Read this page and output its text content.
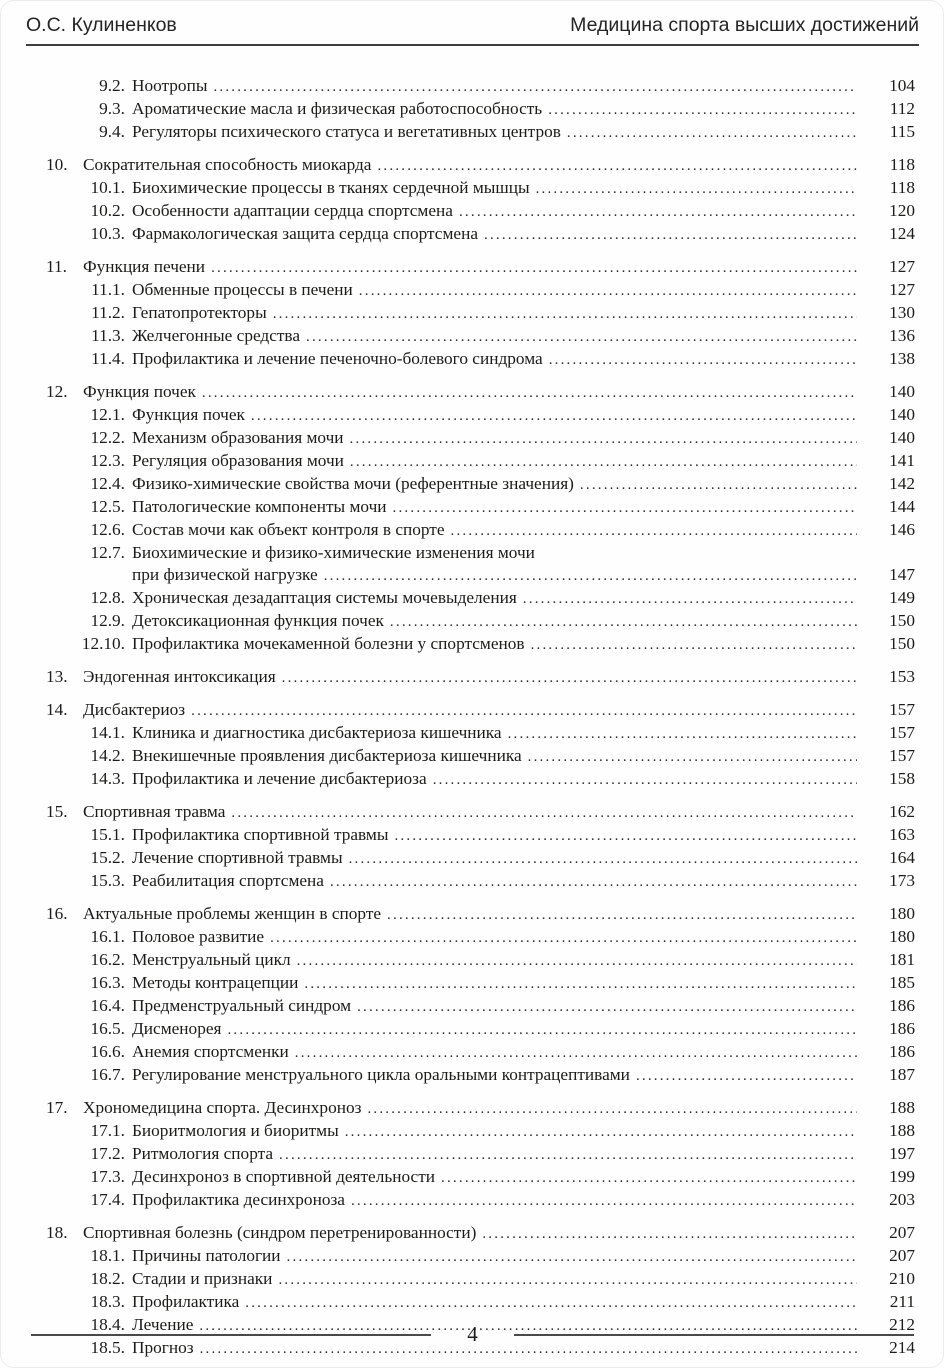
О.С. Кулиненков	Медицина спорта высших достижений
9.2. Ноотропы .....	104
9.3. Ароматические масла и физическая работоспособность .....	112
9.4. Регуляторы психического статуса и вегетативных центров .....	115
10. Сократительная способность миокарда .....	118
10.1. Биохимические процессы в тканях сердечной мышцы .....	118
10.2. Особенности адаптации сердца спортсмена .....	120
10.3. Фармакологическая защита сердца спортсмена .....	124
11. Функция печени .....	127
11.1. Обменные процессы в печени .....	127
11.2. Гепатопротекторы .....	130
11.3. Желчегонные средства .....	136
11.4. Профилактика и лечение печеночно-болевого синдрома .....	138
12. Функция почек .....	140
12.1. Функция почек .....	140
12.2. Механизм образования мочи .....	140
12.3. Регуляция образования мочи .....	141
12.4. Физико-химические свойства мочи (референтные значения) .....	142
12.5. Патологические компоненты мочи .....	144
12.6. Состав мочи как объект контроля в спорте .....	146
12.7. Биохимические и физико-химические изменения мочи
при физической нагрузке .....	147
12.8. Хроническая дезадаптация системы мочевыделения .....	149
12.9. Детоксикационная функция почек .....	150
12.10. Профилактика мочекаменной болезни у спортсменов .....	150
13. Эндогенная интоксикация .....	153
14. Дисбактериоз .....	157
14.1. Клиника и диагностика дисбактериоза кишечника .....	157
14.2. Внекишечные проявления дисбактериоза кишечника .....	157
14.3. Профилактика и лечение дисбактериоза .....	158
15. Спортивная травма .....	162
15.1. Профилактика спортивной травмы .....	163
15.2. Лечение спортивной травмы .....	164
15.3. Реабилитация спортсмена .....	173
16. Актуальные проблемы женщин в спорте .....	180
16.1. Половое развитие .....	180
16.2. Менструальный цикл .....	181
16.3. Методы контрацепции .....	185
16.4. Предменструальный синдром .....	186
16.5. Дисменорея .....	186
16.6. Анемия спортсменки .....	186
16.7. Регулирование менструального цикла оральными контрацептивами .....	187
17. Хрономедицина спорта. Десинхроноз .....	188
17.1. Биоритмология и биоритмы .....	188
17.2. Ритмология спорта .....	197
17.3. Десинхроноз в спортивной деятельности .....	199
17.4. Профилактика десинхроноза .....	203
18. Спортивная болезнь (синдром перетренированности) .....	207
18.1. Причины патологии .....	207
18.2. Стадии и признаки .....	210
18.3. Профилактика .....	211
18.4. Лечение .....	212
18.5. Прогноз .....	214
4
